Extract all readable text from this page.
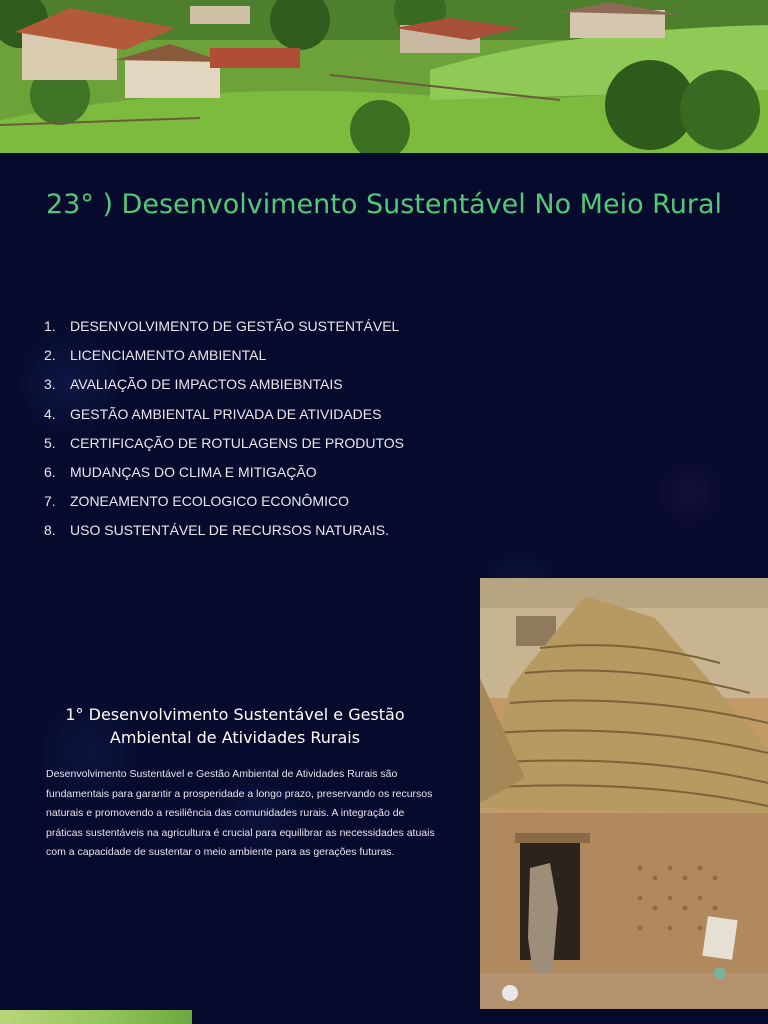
23° ) Desenvolvimento Sustentável No Meio Rural
1.	DESENVOLVIMENTO DE GESTÃO SUSTENTÁVEL
2.	LICENCIAMENTO AMBIENTAL
3.	AVALIAÇÃO DE IMPACTOS AMBIEBNTAIS
4.	GESTÃO AMBIENTAL PRIVADA DE ATIVIDADES
5.	CERTIFICAÇÃO DE ROTULAGENS DE PRODUTOS
6.	MUDANÇAS DO CLIMA E MITIGAÇÃO
7.	ZONEAMENTO ECOLOGICO ECONÔMICO
8.	USO SUSTENTÁVEL DE RECURSOS NATURAIS.
1° Desenvolvimento Sustentável e Gestão Ambiental de Atividades Rurais

Desenvolvimento Sustentável e Gestão Ambiental de Atividades Rurais são fundamentais para garantir a prosperidade a longo prazo, preservando os recursos naturais e promovendo a resiliência das comunidades rurais. A integração de práticas sustentáveis na agricultura é crucial para equilibrar as necessidades atuais com a capacidade de sustentar o meio ambiente para as gerações futuras.
